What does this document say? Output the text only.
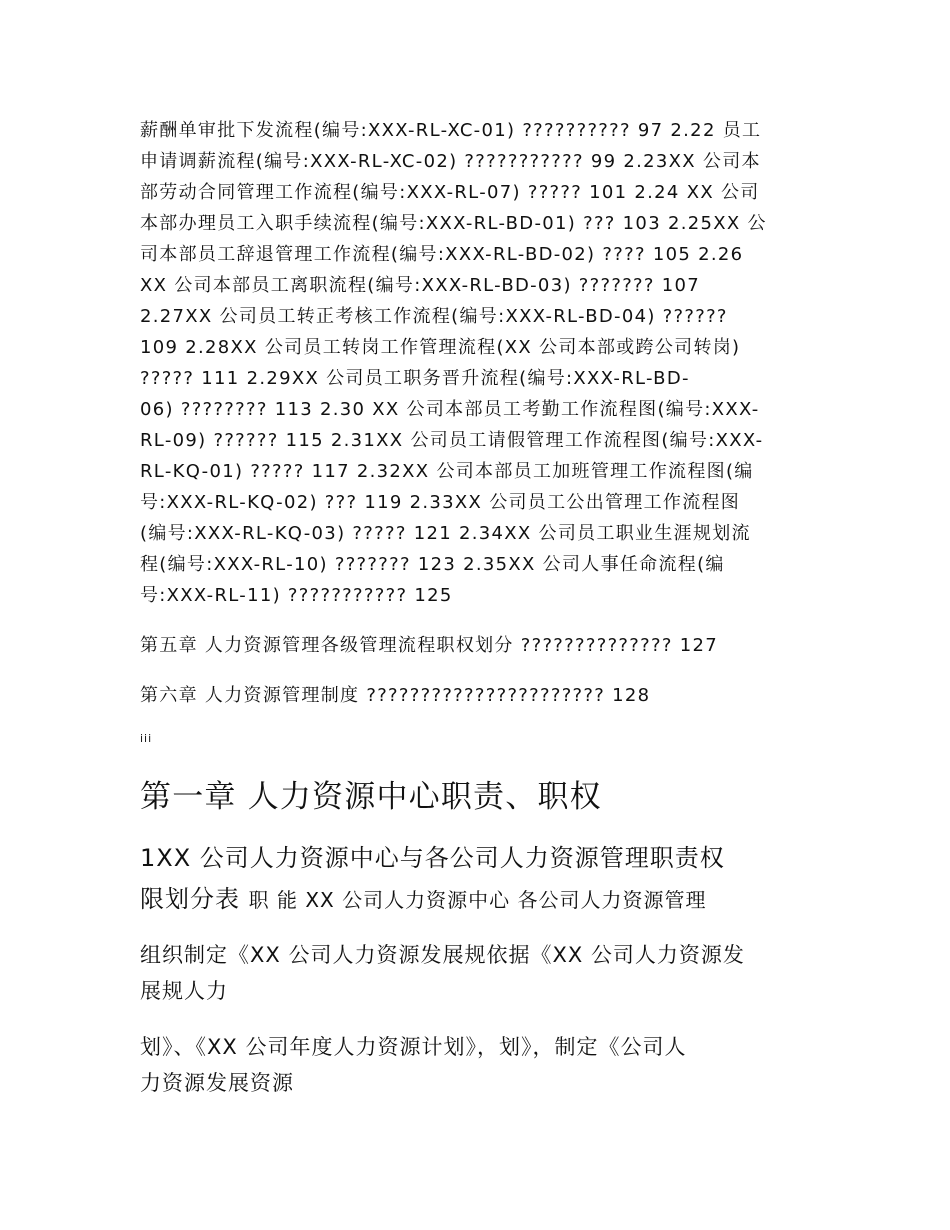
薪酬单审批下发流程(编号:XXX-RL-XC-01) ?????????? 97 2.22 员工
申请调薪流程(编号:XXX-RL-XC-02) ??????????? 99 2.23XX 公司本
部劳动合同管理工作流程(编号:XXX-RL-07) ????? 101 2.24 XX 公司
本部办理员工入职手续流程(编号:XXX-RL-BD-01) ??? 103 2.25XX 公
司本部员工辞退管理工作流程(编号:XXX-RL-BD-02) ???? 105 2.26
XX 公司本部员工离职流程(编号:XXX-RL-BD-03) ??????? 107
2.27XX 公司员工转正考核工作流程(编号:XXX-RL-BD-04) ??????
109 2.28XX 公司员工转岗工作管理流程(XX 公司本部或跨公司转岗)
????? 111 2.29XX 公司员工职务晋升流程(编号:XXX-RL-BD-
06) ???????? 113 2.30 XX 公司本部员工考勤工作流程图(编号:XXX-
RL-09) ?????? 115 2.31XX 公司员工请假管理工作流程图(编号:XXX-
RL-KQ-01) ????? 117 2.32XX 公司本部员工加班管理工作流程图(编
号:XXX-RL-KQ-02) ??? 119 2.33XX 公司员工公出管理工作流程图
(编号:XXX-RL-KQ-03) ????? 121 2.34XX 公司员工职业生涯规划流
程(编号:XXX-RL-10) ??????? 123 2.35XX 公司人事任命流程(编
号:XXX-RL-11) ??????????? 125
第五章 人力资源管理各级管理流程职权划分 ?????????????? 127
第六章 人力资源管理制度 ?????????????????????? 128
iii
第一章 人力资源中心职责、职权
1XX 公司人力资源中心与各公司人力资源管理职责权
限划分表 职 能 XX 公司人力资源中心 各公司人力资源管理
组织制定《XX 公司人力资源发展规依据《XX 公司人力资源发
展规人力
划》、《XX 公司年度人力资源计划》，划》，制定《公司人
力资源发展资源
